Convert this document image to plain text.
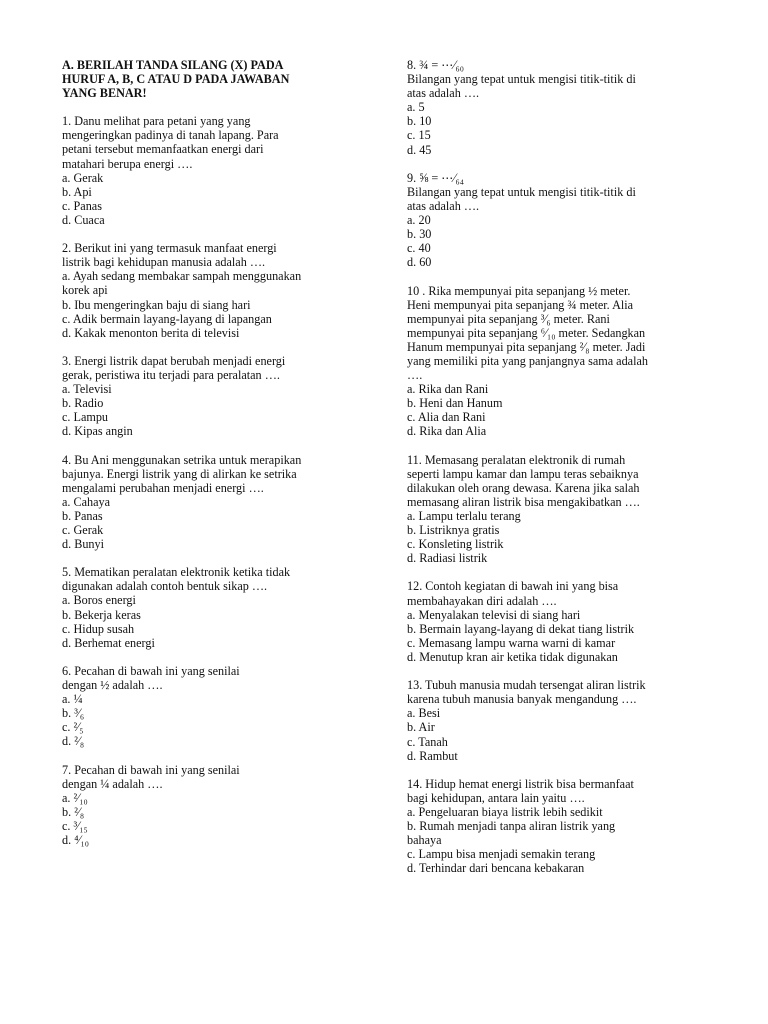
A. BERILAH TANDA SILANG (X) PADA
HURUF A, B, C ATAU D PADA JAWABAN
YANG BENAR!
1. Danu melihat para petani yang yang
mengeringkan padinya di tanah lapang. Para
petani tersebut memanfaatkan energi dari
matahari berupa energi ….
a. Gerak
b. Api
c. Panas
d. Cuaca
2. Berikut ini yang termasuk manfaat energi
listrik bagi kehidupan manusia adalah ….
a. Ayah sedang membakar sampah menggunakan
korek api
b. Ibu mengeringkan baju di siang hari
c. Adik bermain layang-layang di lapangan
d. Kakak menonton berita di televisi
3. Energi listrik dapat berubah menjadi energi
gerak, peristiwa itu terjadi para peralatan ….
a. Televisi
b. Radio
c. Lampu
d. Kipas angin
4. Bu Ani menggunakan setrika untuk merapikan
bajunya. Energi listrik yang di alirkan ke setrika
mengalami perubahan menjadi energi ….
a. Cahaya
b. Panas
c. Gerak
d. Bunyi
5. Mematikan peralatan elektronik ketika tidak
digunakan adalah contoh bentuk sikap ….
a. Boros energi
b. Bekerja keras
c. Hidup susah
d. Berhemat energi
6. Pecahan di bawah ini yang senilai
dengan ½ adalah ….
a. ¼
b. ³⁄₆
c. ²⁄₅
d. ²⁄₈
7. Pecahan di bawah ini yang senilai
dengan ¼ adalah ….
a. ²⁄₁₀
b. ²⁄₈
c. ³⁄₁₅
d. ⁴⁄₁₀
8. ¾ = ⋯⁄₆₀
Bilangan yang tepat untuk mengisi titik-titik di
atas adalah ….
a. 5
b. 10
c. 15
d. 45
9. ⅝ = ⋯⁄₆₄
Bilangan yang tepat untuk mengisi titik-titik di
atas adalah ….
a. 20
b. 30
c. 40
d. 60
10 . Rika mempunyai pita sepanjang ½ meter.
Heni mempunyai pita sepanjang ¾ meter. Alia
mempunyai pita sepanjang ³⁄₆ meter. Rani
mempunyai pita sepanjang ⁶⁄₁₀ meter. Sedangkan
Hanum mempunyai pita sepanjang ²⁄₈ meter. Jadi
yang memiliki pita yang panjangnya sama adalah
….
a. Rika dan Rani
b. Heni dan Hanum
c. Alia dan Rani
d. Rika dan Alia
11. Memasang peralatan elektronik di rumah
seperti lampu kamar dan lampu teras sebaiknya
dilakukan oleh orang dewasa. Karena jika salah
memasang aliran listrik bisa mengakibatkan ….
a. Lampu terlalu terang
b. Listriknya gratis
c. Konsleting listrik
d. Radiasi listrik
12. Contoh kegiatan di bawah ini yang bisa
membahayakan diri adalah ….
a. Menyalakan televisi di siang hari
b. Bermain layang-layang di dekat tiang listrik
c. Memasang lampu warna warni di kamar
d. Menutup kran air ketika tidak digunakan
13. Tubuh manusia mudah tersengat aliran listrik
karena tubuh manusia banyak mengandung ….
a. Besi
b. Air
c. Tanah
d. Rambut
14. Hidup hemat energi listrik bisa bermanfaat
bagi kehidupan, antara lain yaitu ….
a. Pengeluaran biaya listrik lebih sedikit
b. Rumah menjadi tanpa aliran listrik yang
bahaya
c. Lampu bisa menjadi semakin terang
d. Terhindar dari bencana kebakaran
